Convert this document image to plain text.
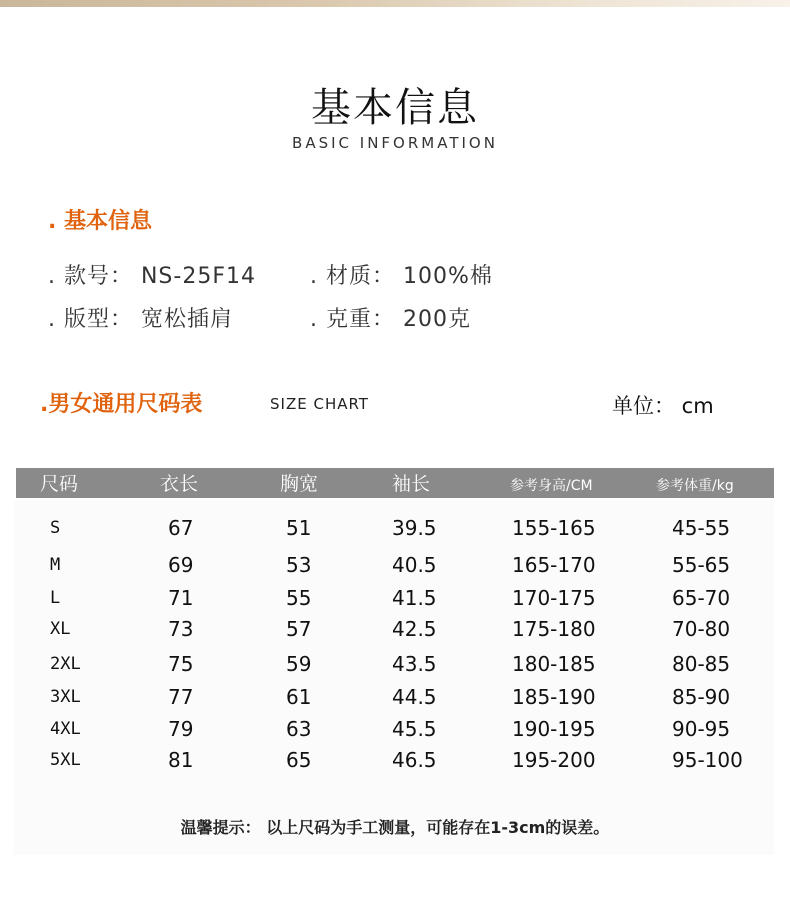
基本信息
BASIC INFORMATION
. 基本信息
. 款号： NS-25F14 . 材质： 100%棉
. 版型： 宽松插肩	. 克重： 200克
.男女通用尺码表	SIZE CHART	单位： cm
尺码	衣长	胸宽	袖长	参考身高/CM	参考体重/kg
S	67	51	39.5	155-165	45-55
M	69	53	40.5	165-170	55-65
L	71	55	41.5	170-175	65-70
XL	73	57	42.5	175-180	70-80
2XL	75	59	43.5	180-185	80-85
3XL	77	61	44.5	185-190	85-90
4XL	79	63	45.5	190-195	90-95
5XL	81	65	46.5	195-200	95-100
温馨提示： 以上尺码为手工测量，可能存在1-3cm的误差。
